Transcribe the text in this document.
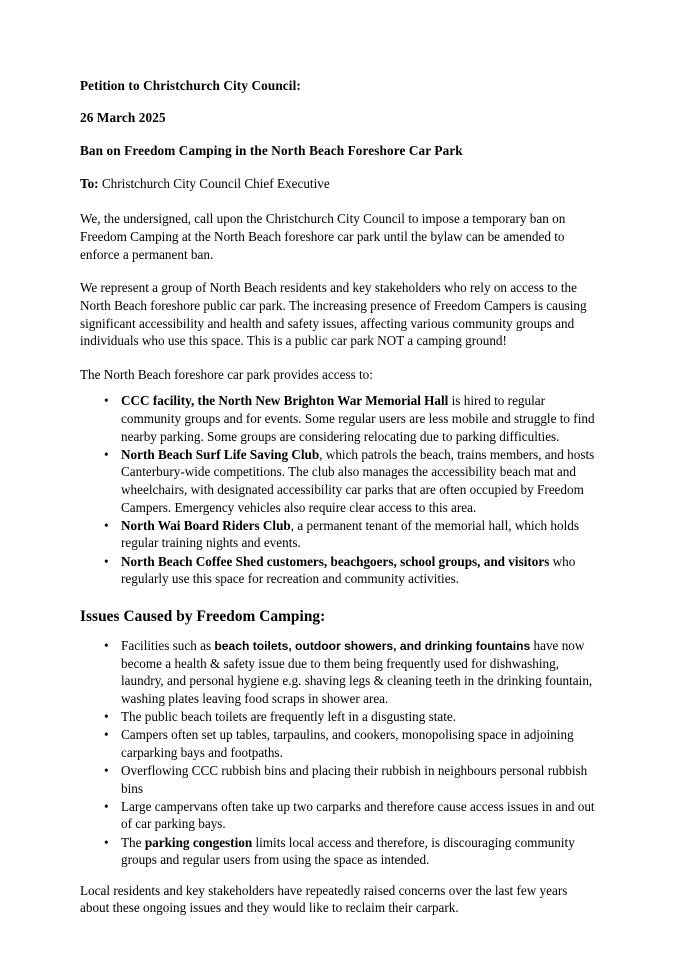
Petition to Christchurch City Council:
26 March 2025
Ban on Freedom Camping in the North Beach Foreshore Car Park

To: Christchurch City Council Chief Executive

We, the undersigned, call upon the Christchurch City Council to impose a temporary ban on Freedom Camping at the North Beach foreshore car park until the bylaw can be amended to enforce a permanent ban.

We represent a group of North Beach residents and key stakeholders who rely on access to the North Beach foreshore public car park. The increasing presence of Freedom Campers is causing significant accessibility and health and safety issues, affecting various community groups and individuals who use this space. This is a public car park NOT a camping ground!

The North Beach foreshore car park provides access to:

• CCC facility, the North New Brighton War Memorial Hall is hired to regular community groups and for events. Some regular users are less mobile and struggle to find nearby parking. Some groups are considering relocating due to parking difficulties.
• North Beach Surf Life Saving Club, which patrols the beach, trains members, and hosts Canterbury-wide competitions. The club also manages the accessibility beach mat and wheelchairs, with designated accessibility car parks that are often occupied by Freedom Campers. Emergency vehicles also require clear access to this area.
• North Wai Board Riders Club, a permanent tenant of the memorial hall, which holds regular training nights and events.
• North Beach Coffee Shed customers, beachgoers, school groups, and visitors who regularly use this space for recreation and community activities.
Issues Caused by Freedom Camping:
• Facilities such as beach toilets, outdoor showers, and drinking fountains have now become a health & safety issue due to them being frequently used for dishwashing, laundry, and personal hygiene e.g. shaving legs & cleaning teeth in the drinking fountain, washing plates leaving food scraps in shower area.
• The public beach toilets are frequently left in a disgusting state.
• Campers often set up tables, tarpaulins, and cookers, monopolising space in adjoining carparking bays and footpaths.
• Overflowing CCC rubbish bins and placing their rubbish in neighbours personal rubbish bins
• Large campervans often take up two carparks and therefore cause access issues in and out of car parking bays.
• The parking congestion limits local access and therefore, is discouraging community groups and regular users from using the space as intended.

Local residents and key stakeholders have repeatedly raised concerns over the last few years about these ongoing issues and they would like to reclaim their carpark.
